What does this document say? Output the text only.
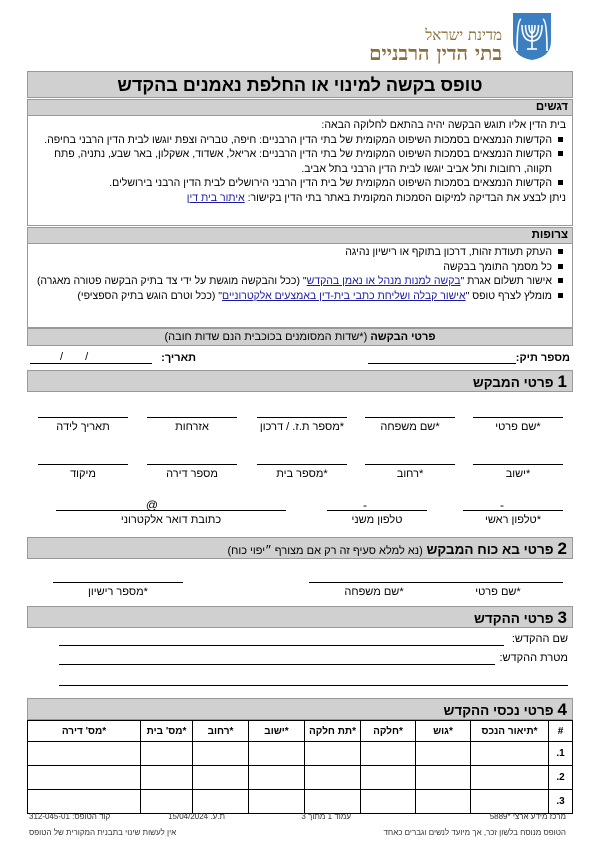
מדינת ישראל
בתי הדין הרבניים
טופס בקשה למינוי או החלפת נאמנים בהקדש
דגשים
בית הדין אליו תוגש הבקשה יהיה בהתאם לחלוקה הבאה:
הקדשות הנמצאים בסמכות השיפוט המקומית של בתי הדין הרבניים: חיפה, טבריה וצפת יוגשו לבית הדין הרבני בחיפה.
הקדשות הנמצאים בסמכות השיפוט המקומית של בתי הדין הרבניים: אריאל, אשדוד, אשקלון, באר שבע, נתניה, פתח תקווה, רחובות ותל אביב יוגשו לבית הדין הרבני בתל אביב.
הקדשות הנמצאים בסמכות השיפוט המקומית של בית הדין הרבני הירושלים לבית הדין הרבני בירושלים.
ניתן לבצע את הבדיקה למיקום הסמכות המקומית באתר בתי הדין בקישור: איתור בית דין
צרופות
העתק תעודת זהות, דרכון בתוקף או רישיון נהיגה
כל מסמך התומך בבקשה
אישור תשלום אגרת "בקשה למנות מנהל או נאמן בהקדש" (ככל והבקשה מוגשת על ידי צד בתיק הבקשה פטורה מאגרה)
מומלץ לצרף טופס "אישור קבלה ושליחת כתבי בית-דין באמצעים אלקטרוניים" (ככל וטרם הוגש בתיק הספציפי)
פרטי הבקשה (*שדות המסומנים בכוכבית הנם שדות חובה)
מספר תיק:
תאריך:
/ /
1פרטי המבקש
*שם פרטי
*שם משפחה
*מספר ת.ז. / דרכון
אזרחות
תאריך לידה
*ישוב
*רחוב
*מספר בית
מספר דירה
מיקוד
*טלפון ראשי
טלפון משני
כתובת דואר אלקטרוני
-
-
@
2פרטי בא כוח המבקש (נא למלא סעיף זה רק אם מצורף ״יפוי כוח)
*שם פרטי
*שם משפחה
*מספר רישיון
3פרטי ההקדש
שם ההקדש:
מטרת ההקדש:
4פרטי נכסי ההקדש
#	*תיאור הנכס	*גוש	*חלקה	*תת חלקה	*ישוב	*רחוב	*מס' בית	*מס' דירה
1.								
2.								
3.								
מרכז מידע ארצי *5889
עמוד 1 מתוך 3
ת.ע. 15/04/2024
קוד הטופס: 312-045-01
הטופס מנוסח בלשון זכר, אך מיועד לנשים וגברים כאחד
אין לעשות שינוי בתבנית המקורית של הטופס
